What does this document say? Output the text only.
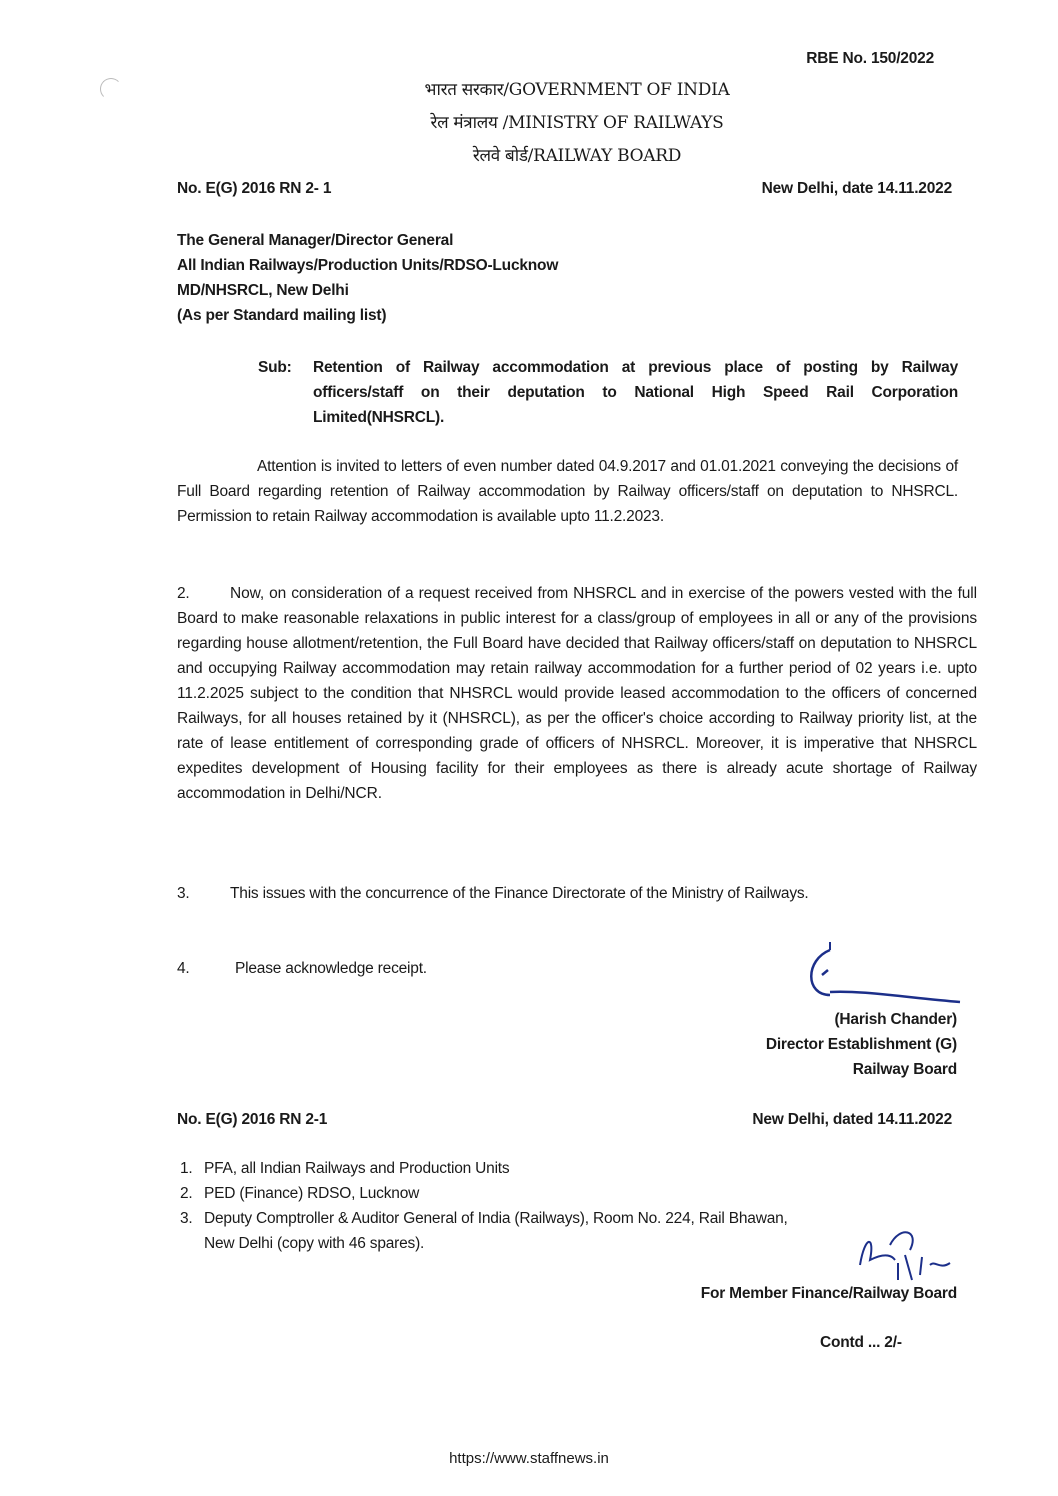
RBE No. 150/2022
भारत सरकार/GOVERNMENT OF INDIA
रेल मंत्रालय /MINISTRY OF RAILWAYS
रेलवे बोर्ड/RAILWAY BOARD
No. E(G) 2016 RN 2- 1	New Delhi, date 14.11.2022
The General Manager/Director General
All Indian Railways/Production Units/RDSO-Lucknow
MD/NHSRCL, New Delhi
(As per Standard mailing list)
Sub: Retention of Railway accommodation at previous place of posting by Railway officers/staff on their deputation to National High Speed Rail Corporation Limited(NHSRCL).
Attention is invited to letters of even number dated 04.9.2017 and 01.01.2021 conveying the decisions of Full Board regarding retention of Railway accommodation by Railway officers/staff on deputation to NHSRCL. Permission to retain Railway accommodation is available upto 11.2.2023.
2.	Now, on consideration of a request received from NHSRCL and in exercise of the powers vested with the full Board to make reasonable relaxations in public interest for a class/group of employees in all or any of the provisions regarding house allotment/retention, the Full Board have decided that Railway officers/staff on deputation to NHSRCL and occupying Railway accommodation may retain railway accommodation for a further period of 02 years i.e. upto 11.2.2025 subject to the condition that NHSRCL would provide leased accommodation to the officers of concerned Railways, for all houses retained by it (NHSRCL), as per the officer's choice according to Railway priority list, at the rate of lease entitlement of corresponding grade of officers of NHSRCL. Moreover, it is imperative that NHSRCL expedites development of Housing facility for their employees as there is already acute shortage of Railway accommodation in Delhi/NCR.
3.	This issues with the concurrence of the Finance Directorate of the Ministry of Railways.
4.	Please acknowledge receipt.
(Harish Chander)
Director Establishment (G)
Railway Board
No. E(G) 2016 RN 2-1	New Delhi, dated 14.11.2022
1. PFA, all Indian Railways and Production Units
2. PED (Finance) RDSO, Lucknow
3. Deputy Comptroller & Auditor General of India (Railways), Room No. 224, Rail Bhawan, New Delhi (copy with 46 spares).
For Member Finance/Railway Board
Contd ... 2/-
https://www.staffnews.in
